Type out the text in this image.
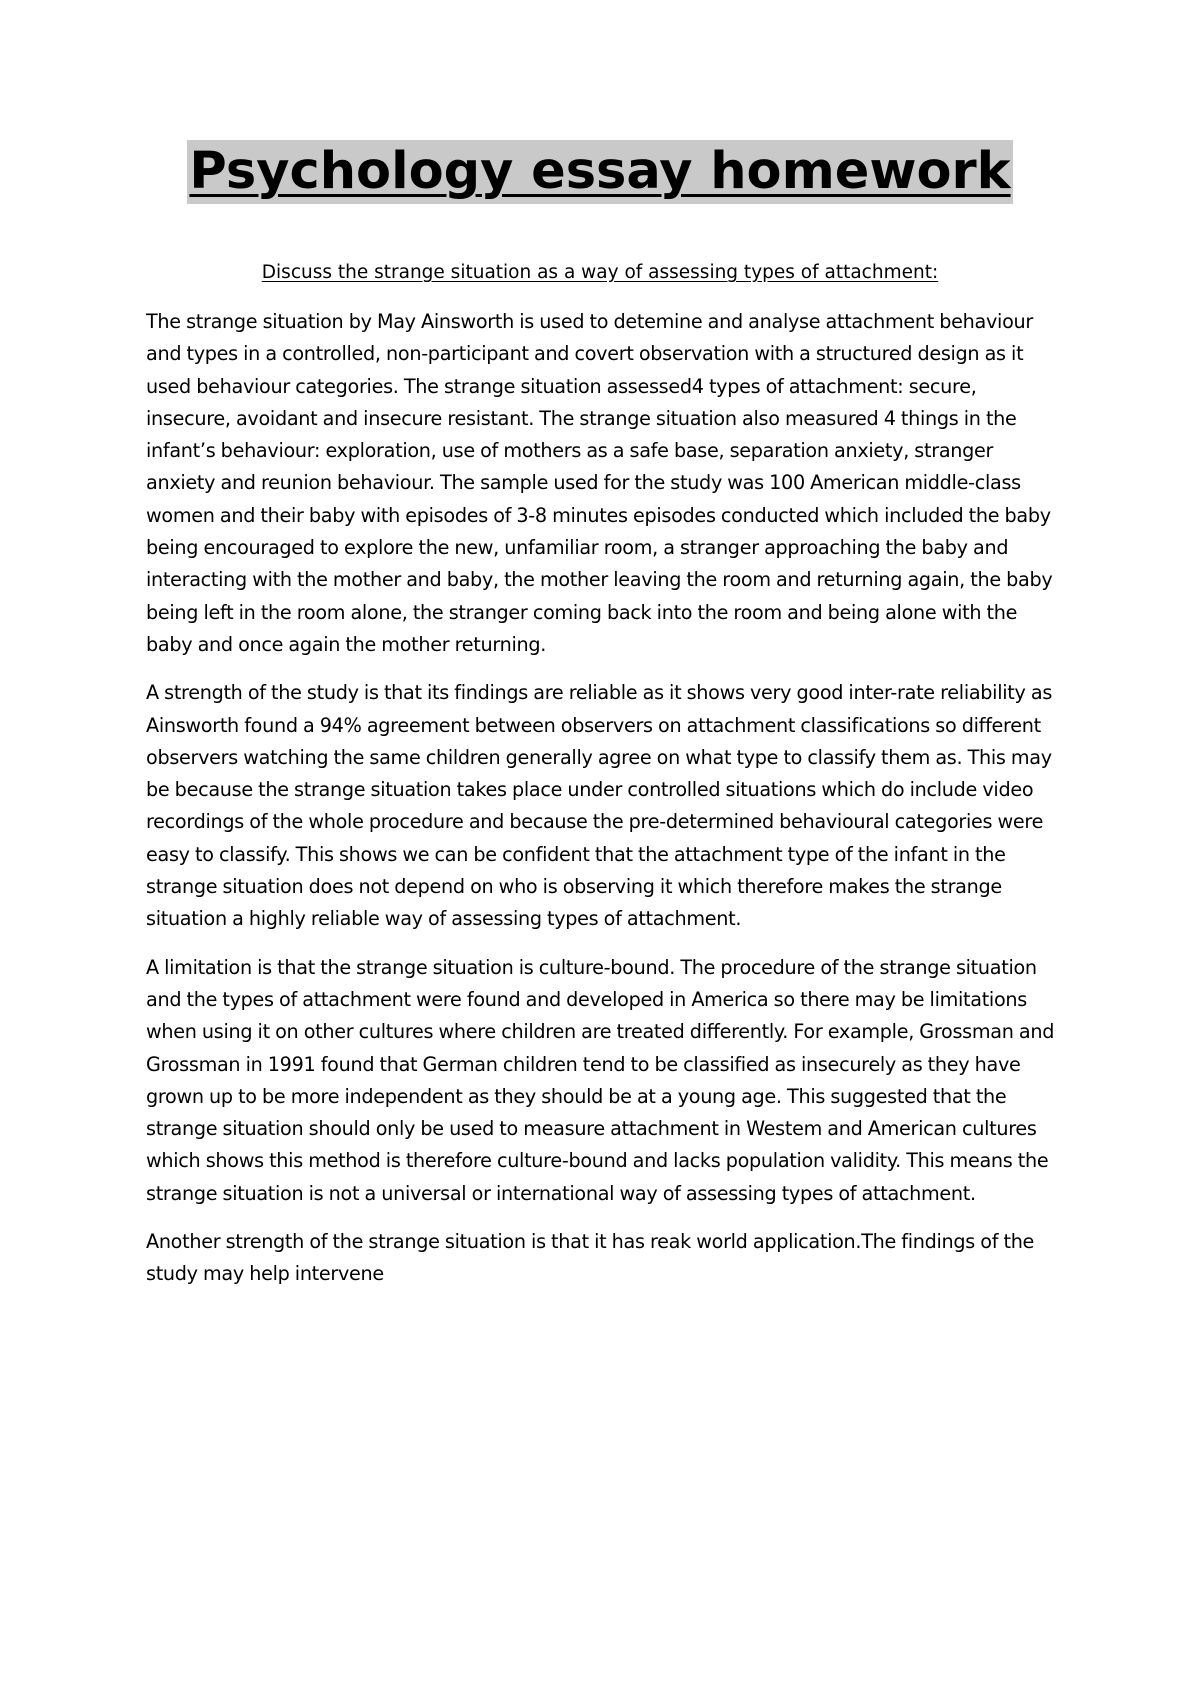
Psychology essay homework
Discuss the strange situation as a way of assessing types of attachment:

The strange situation by May Ainsworth is used to detemine and analyse attachment behaviour and types in a controlled, non-participant and covert observation with a structured design as it used behaviour categories. The strange situation assessed4 types of attachment: secure, insecure, avoidant and insecure resistant. The strange situation also measured 4 things in the infant’s behaviour: exploration, use of mothers as a safe base, separation anxiety, stranger anxiety and reunion behaviour. The sample used for the study was 100 American middle-class women and their baby with episodes of 3-8 minutes episodes conducted which included the baby being encouraged to explore the new, unfamiliar room, a stranger approaching the baby and interacting with the mother and baby, the mother leaving the room and returning again, the baby being left in the room alone, the stranger coming back into the room and being alone with the baby and once again the mother returning.

A strength of the study is that its findings are reliable as it shows very good inter-rate reliability as Ainsworth found a 94% agreement between observers on attachment classifications so different observers watching the same children generally agree on what type to classify them as. This may be because the strange situation takes place under controlled situations which do include video recordings of the whole procedure and because the pre-determined behavioural categories were easy to classify. This shows we can be confident that the attachment type of the infant in the strange situation does not depend on who is observing it which therefore makes the strange situation a highly reliable way of assessing types of attachment.

A limitation is that the strange situation is culture-bound. The procedure of the strange situation and the types of attachment were found and developed in America so there may be limitations when using it on other cultures where children are treated differently. For example, Grossman and Grossman in 1991 found that German children tend to be classified as insecurely as they have grown up to be more independent as they should be at a young age. This suggested that the strange situation should only be used to measure attachment in Westem and American cultures which shows this method is therefore culture-bound and lacks population validity. This means the strange situation is not a universal or international way of assessing types of attachment.

Another strength of the strange situation is that it has reak world application.The findings of the study may help intervene
